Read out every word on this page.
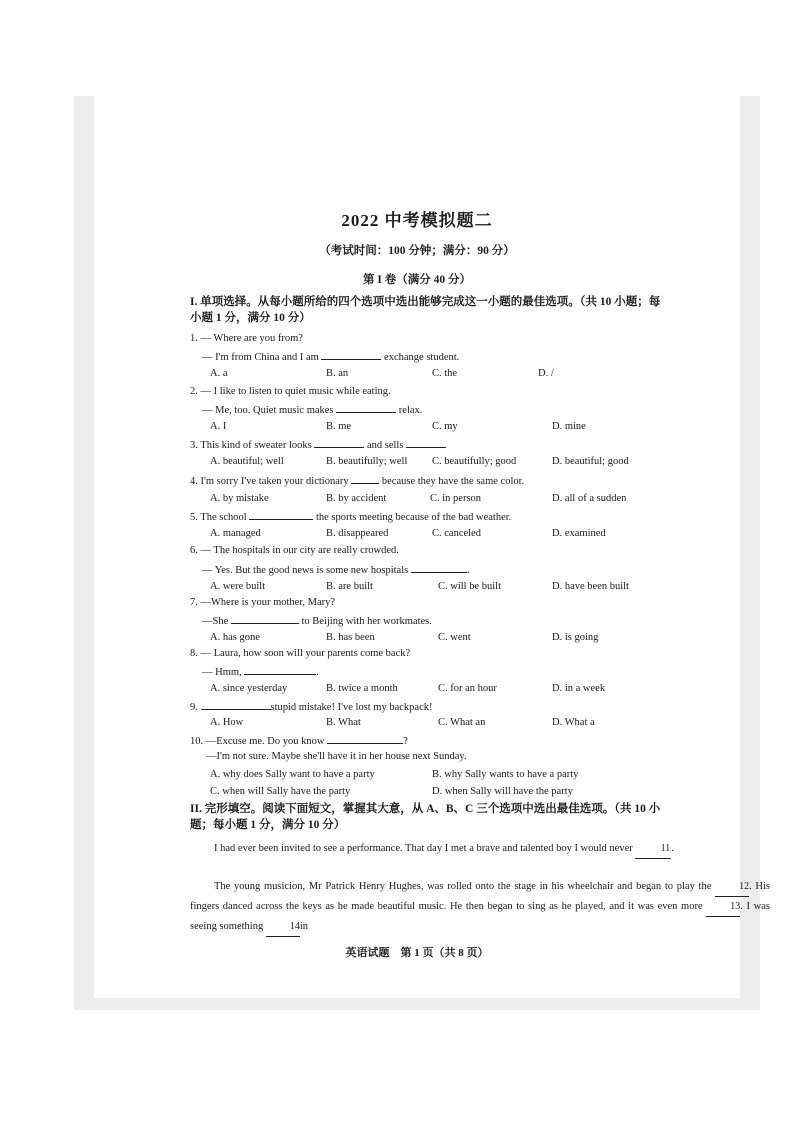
2022 中考模拟题二
（考试时间：100 分钟；满分：90 分）
第 I 卷（满分 40 分）
I. 单项选择。从每小题所给的四个选项中选出能够完成这一小题的最佳选项。（共 10 小题；每小题 1 分，满分 10 分）
1. — Where are you from?
— I'm from China and I am	exchange student.
A. a	B. an	C. the	D. /
2. — I like to listen to quiet music while eating.
— Me, too. Quiet music makes	relax.
A. I	B. me	C. my	D. mine
3. This kind of sweater looks	and sells
A. beautiful; well	B. beautifully; well C. beautifully; good	D. beautiful; good
4. I'm sorry I've taken your dictionary	because they have the same color.
A. by mistake	B. by accident	C. in person	D. all of a sudden
5. The school	the sports meeting because of the bad weather.
A. managed	B. disappeared	C. canceled	D. examined
6. — The hospitals in our city are really crowded.
— Yes. But the good news is some new hospitals	.
A. were built	B. are built	C. will be built	D. have been built
7. —Where is your mother, Mary?
—She	to Beijing with her workmates.
A. has gone	B. has been	C. went	D. is going
8. — Laura, how soon will your parents come back?
— Hmm,	.
A. since yesterday	B. twice a month	C. for an hour	D. in a week
9.	stupid mistake! I've lost my backpack!
A. How	B. What	C. What an	D. What a
10. —Excuse me. Do you know	?
—I'm not sure. Maybe she'll have it in her house next Sunday.
A. why does Sally want to have a party	B. why Sally wants to have a party
C. when will Sally have the party	D. when Sally will have the party
II. 完形填空。阅读下面短文，掌握其大意，从 A、B、C 三个选项中选出最佳选项。（共 10 小题；每小题 1 分，满分 10 分）
I had ever been invited to see a performance. That day I met a brave and talented boy I would never	11.
The young musicion, Mr Patrick Henry Hughes, was rolled onto the stage in his wheelchair and began to play the	12. His fingers danced across the keys as he made beautiful music. He then began to sing as he played, and it was even more	13. I was seeing something	14in
英语试题　第 1 页（共 8 页）
